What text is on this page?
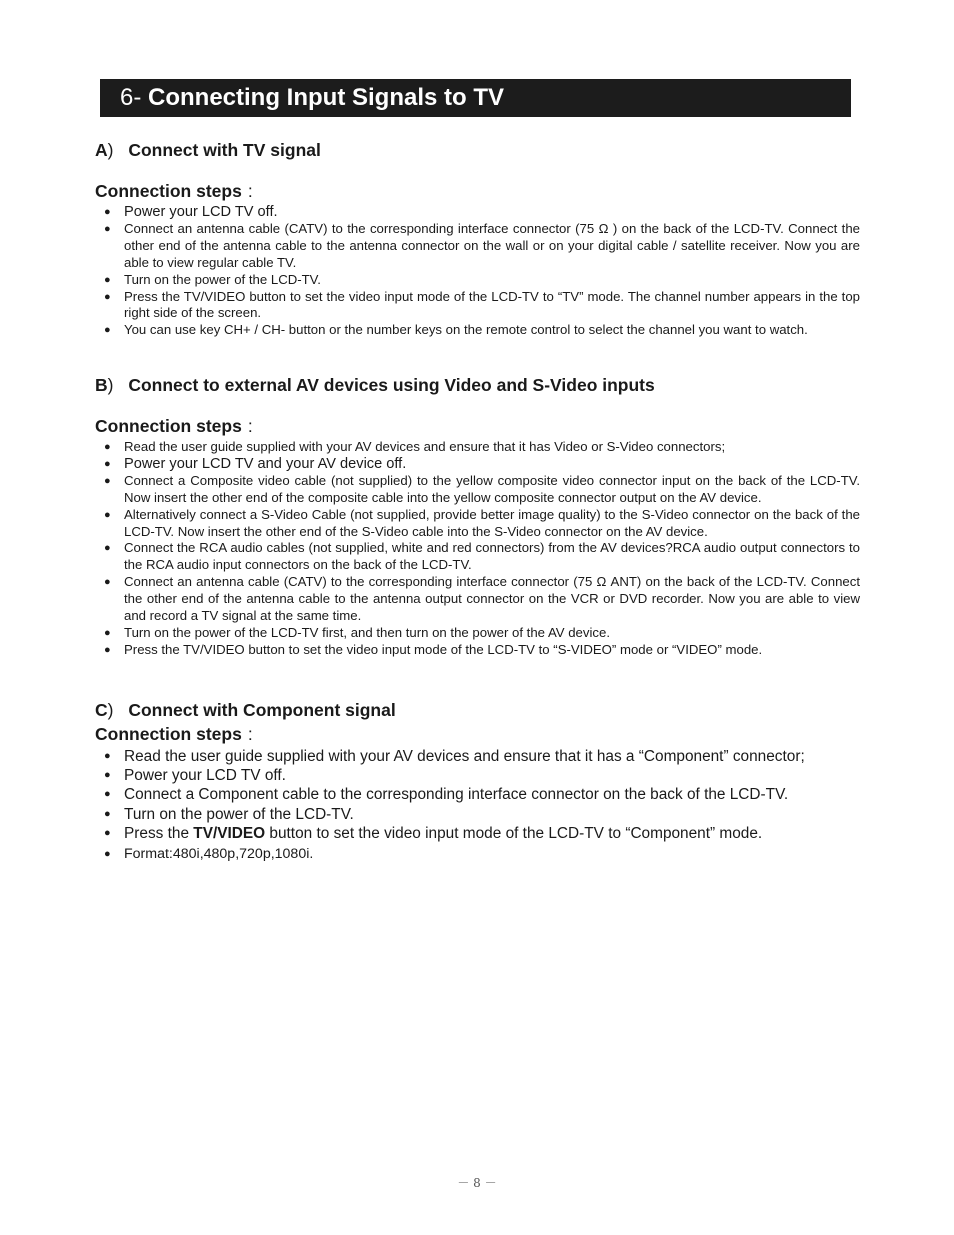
6- Connecting Input Signals to TV
A) Connect with TV signal
Connection steps :
● Power your LCD TV off.
● Connect an antenna cable (CATV) to the corresponding interface connector (75 Ω ) on the back of the LCD-TV. Connect the other end of the antenna cable to the antenna connector on the wall or on your digital cable / satellite receiver. Now you are able to view regular cable TV.
● Turn on the power of the LCD-TV.
● Press the TV/VIDEO button to set the video input mode of the LCD-TV to “TV” mode. The channel number appears in the top right side of the screen.
● You can use key CH+ / CH- button or the number keys on the remote control to select the channel you want to watch.
B) Connect to external AV devices using Video and S-Video inputs
Connection steps :
● Read the user guide supplied with your AV devices and ensure that it has Video or S-Video connectors;
● Power your LCD TV and your AV device off.
● Connect a Composite video cable (not supplied) to the yellow composite video connector input on the back of the LCD-TV. Now insert the other end of the composite cable into the yellow composite connector output on the AV device.
● Alternatively connect a S-Video Cable (not supplied, provide better image quality) to the S-Video connector on the back of the LCD-TV. Now insert the other end of the S-Video cable into the S-Video connector on the AV device.
● Connect the RCA audio cables (not supplied, white and red connectors) from the AV devices?RCA audio output connectors to the RCA audio input connectors on the back of the LCD-TV.
● Connect an antenna cable (CATV) to the corresponding interface connector (75 Ω ANT) on the back of the LCD-TV. Connect the other end of the antenna cable to the antenna output connector on the VCR or DVD recorder. Now you are able to view and record a TV signal at the same time.
● Turn on the power of the LCD-TV first, and then turn on the power of the AV device.
● Press the TV/VIDEO button to set the video input mode of the LCD-TV to “S-VIDEO” mode or “VIDEO” mode.
C) Connect with Component signal
Connection steps :
● Read the user guide supplied with your AV devices and ensure that it has a “Component” connector;
● Power your LCD TV off.
● Connect a Component cable to the corresponding interface connector on the back of the LCD-TV.
● Turn on the power of the LCD-TV.
● Press the TV/VIDEO button to set the video input mode of the LCD-TV to “Component” mode.
● Format:480i,480p,720p,1080i.
－ 8 －
